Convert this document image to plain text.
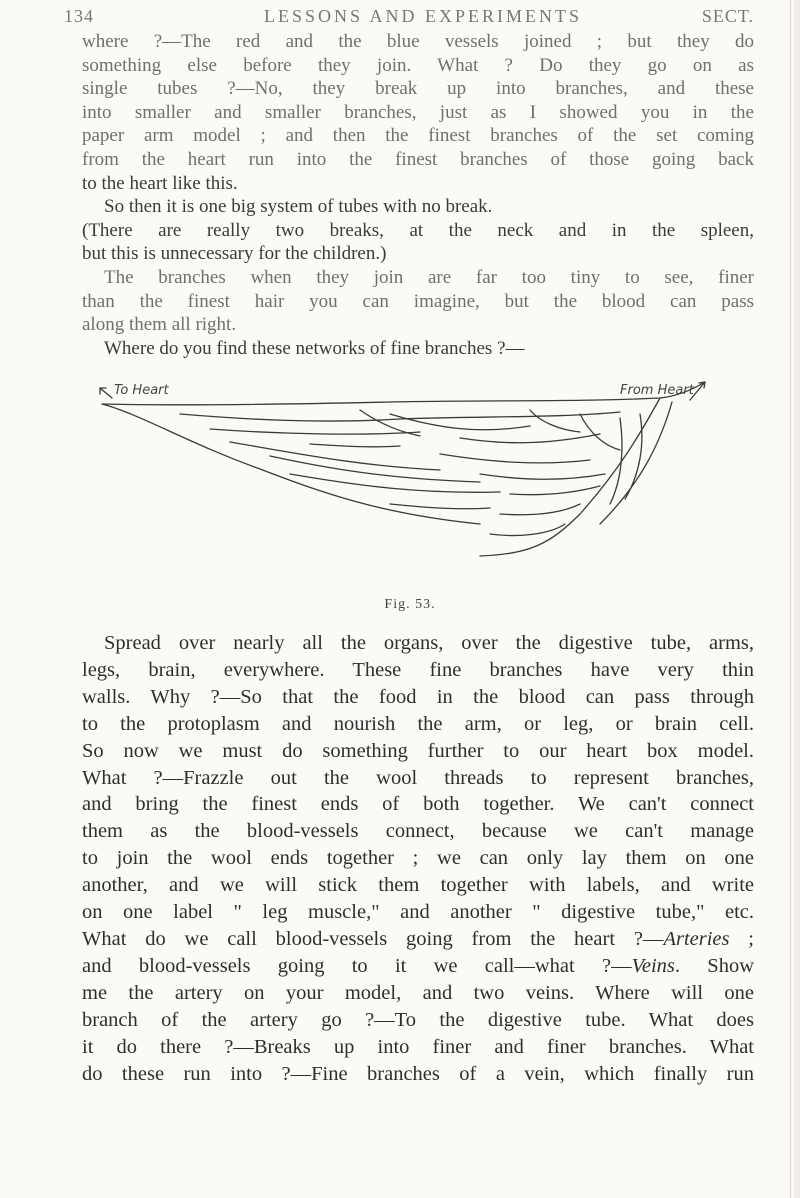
134	LESSONS AND EXPERIMENTS	SECT.
where ?—The red and the blue vessels joined ; but they do
something else before they join. What ? Do they go on as
single tubes ?—No, they break up into branches, and these
into smaller and smaller branches, just as I showed you in the
paper arm model ; and then the finest branches of the set coming
from the heart run into the finest branches of those going back
to the heart like this.
So then it is one big system of tubes with no break.
(There are really two breaks, at the neck and in the spleen,
but this is unnecessary for the children.)
The branches when they join are far too tiny to see, finer
than the finest hair you can imagine, but the blood can pass
along them all right.
Where do you find these networks of fine branches ?—
To Heart	From Heart
Fig. 53.
Spread over nearly all the organs, over the digestive tube, arms,
legs, brain, everywhere. These fine branches have very thin
walls. Why ?—So that the food in the blood can pass through
to the protoplasm and nourish the arm, or leg, or brain cell.
So now we must do something further to our heart box model.
What ?—Frazzle out the wool threads to represent branches,
and bring the finest ends of both together. We can't connect
them as the blood-vessels connect, because we can't manage
to join the wool ends together ; we can only lay them on one
another, and we will stick them together with labels, and write
on one label " leg muscle," and another " digestive tube," etc.
What do we call blood-vessels going from the heart ?—Arteries ;
and blood-vessels going to it we call—what ?—Veins. Show
me the artery on your model, and two veins. Where will one
branch of the artery go ?—To the digestive tube. What does
it do there ?—Breaks up into finer and finer branches. What
do these run into ?—Fine branches of a vein, which finally run
